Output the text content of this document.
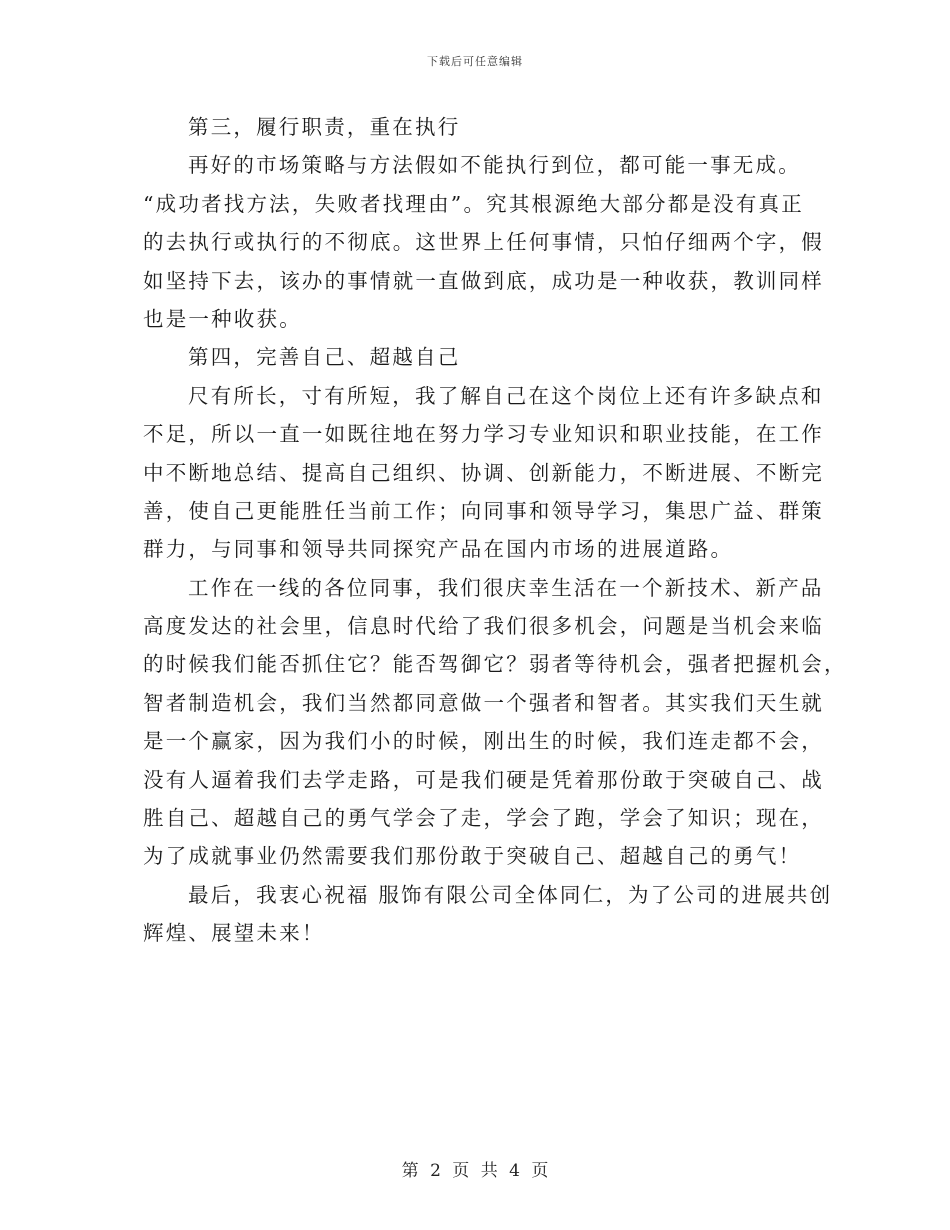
下载后可任意编辑
第三，履行职责，重在执行
再好的市场策略与方法假如不能执行到位，都可能一事无成。
“成功者找方法，失败者找理由”。究其根源绝大部分都是没有真正
的去执行或执行的不彻底。这世界上任何事情，只怕仔细两个字，假
如坚持下去，该办的事情就一直做到底，成功是一种收获，教训同样
也是一种收获。
第四，完善自己、超越自己
尺有所长，寸有所短，我了解自己在这个岗位上还有许多缺点和
不足，所以一直一如既往地在努力学习专业知识和职业技能，在工作
中不断地总结、提高自己组织、协调、创新能力，不断进展、不断完
善，使自己更能胜任当前工作；向同事和领导学习，集思广益、群策
群力，与同事和领导共同探究产品在国内市场的进展道路。
工作在一线的各位同事，我们很庆幸生活在一个新技术、新产品
高度发达的社会里，信息时代给了我们很多机会，问题是当机会来临
的时候我们能否抓住它？能否驾御它？弱者等待机会，强者把握机会，
智者制造机会，我们当然都同意做一个强者和智者。其实我们天生就
是一个赢家，因为我们小的时候，刚出生的时候，我们连走都不会，
没有人逼着我们去学走路，可是我们硬是凭着那份敢于突破自己、战
胜自己、超越自己的勇气学会了走，学会了跑，学会了知识；现在，
为了成就事业仍然需要我们那份敢于突破自己、超越自己的勇气！
最后，我衷心祝福 服饰有限公司全体同仁，为了公司的进展共创
辉煌、展望未来！
第 2 页 共 4 页
